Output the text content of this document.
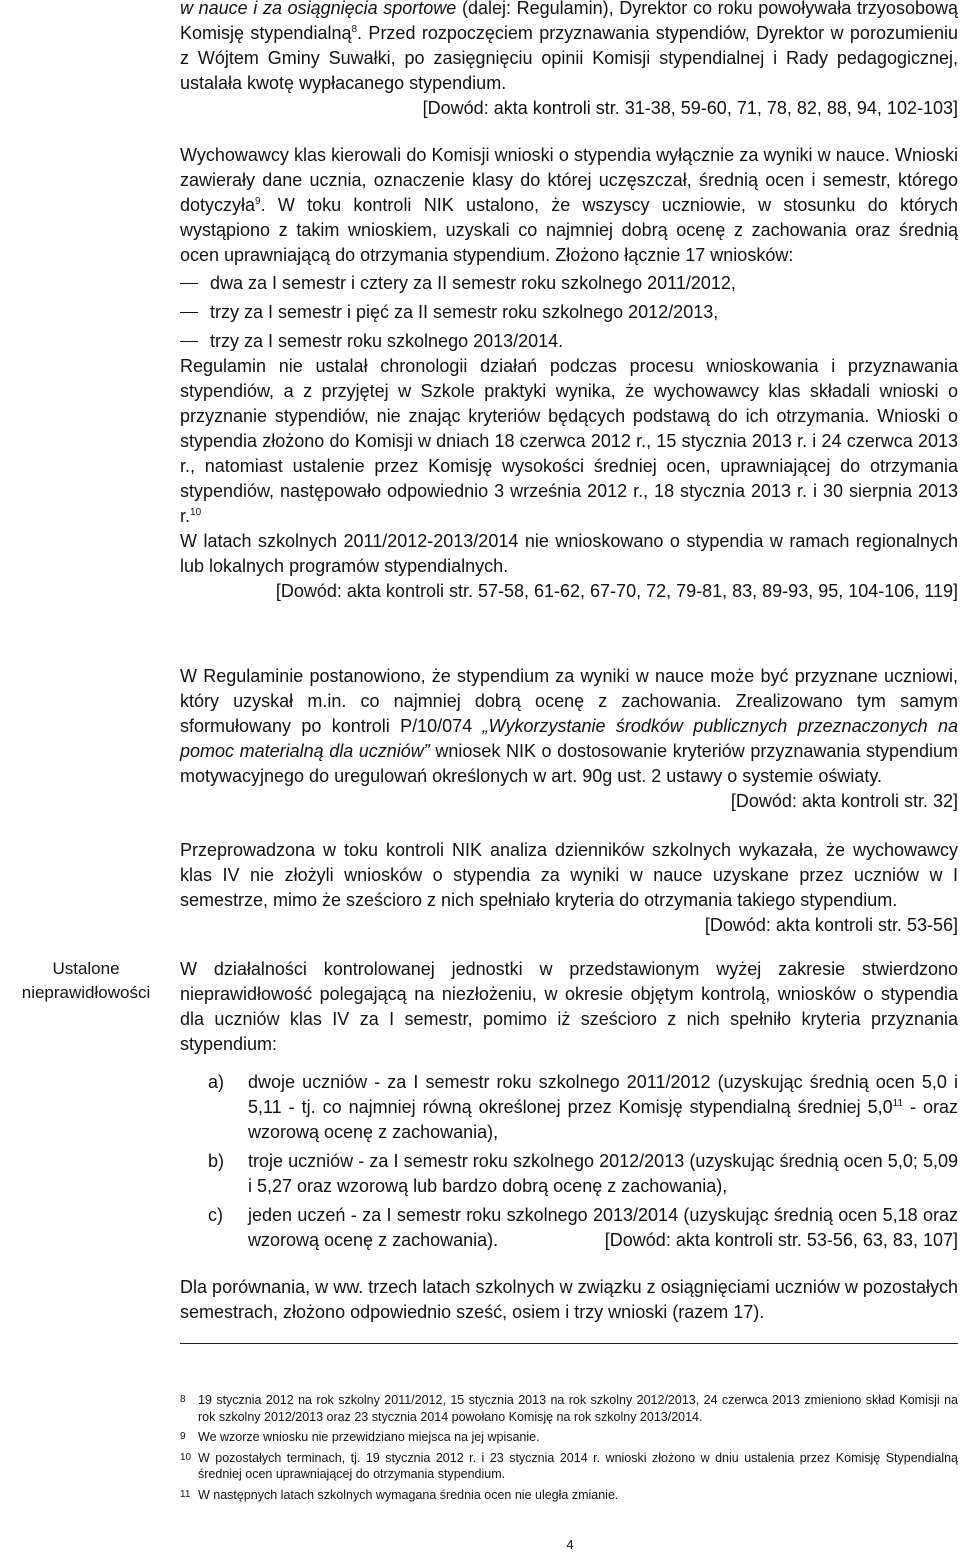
Ustalone
nieprawidłowości

w nauce i za osiągnięcia sportowe (dalej: Regulamin), Dyrektor co roku powoływała trzyosobową Komisję stypendialną$^8$. Przed rozpoczęciem przyznawania stypendiów, Dyrektor w porozumieniu z Wójtem Gminy Suwałki, po zasięgnięciu opinii Komisji stypendialnej i Rady pedagogicznej, ustalała kwotę wypłacanego stypendium.

[Dowód: akta kontroli str. 31-38, 59-60, 71, 78, 82, 88, 94, 102-103]

Wychowawcy klas kierowali do Komisji wnioski o stypendia wyłącznie za wyniki w nauce. Wnioski zawierały dane ucznia, oznaczenie klasy do której uczęszczał, średnią ocen i semestr, którego dotyczyła$^9$. W toku kontroli NIK ustalono, że wszyscy uczniowie, w stosunku do których wystąpiono z takim wnioskiem, uzyskali co najmniej dobrą ocenę z zachowania oraz średnią ocen uprawniającą do otrzymania stypendium. Złożono łącznie 17 wniosków:

dwa za I semestr i cztery za II semestr roku szkolnego 2011/2012,
trzy za I semestr i pięć za II semestr roku szkolnego 2012/2013,
trzy za I semestr roku szkolnego 2013/2014.

Regulamin nie ustalał chronologii działań podczas procesu wnioskowania i przyznawania stypendiów, a z przyjętej w Szkole praktyki wynika, że wychowawcy klas składali wnioski o przyznanie stypendiów, nie znając kryteriów będących podstawą do ich otrzymania. Wnioski o stypendia złożono do Komisji w dniach 18 czerwca 2012 r., 15 stycznia 2013 r. i 24 czerwca 2013 r., natomiast ustalenie przez Komisję wysokości średniej ocen, uprawniającej do otrzymania stypendiów, następowało odpowiednio 3 września 2012 r., 18 stycznia 2013 r. i 30 sierpnia 2013 r.$^{10}$

W latach szkolnych 2011/2012-2013/2014 nie wnioskowano o stypendia w ramach regionalnych lub lokalnych programów stypendialnych.

[Dowód: akta kontroli str. 57-58, 61-62, 67-70, 72, 79-81, 83, 89-93, 95, 104-106, 119]

W Regulaminie postanowiono, że stypendium za wyniki w nauce może być przyznane uczniowi, który uzyskał m.in. co najmniej dobrą ocenę z zachowania. Zrealizowano tym samym sformułowany po kontroli P/10/074 „Wykorzystanie środków publicznych przeznaczonych na pomoc materialną dla uczniów” wniosek NIK o dostosowanie kryteriów przyznawania stypendium motywacyjnego do uregulowań określonych w art. 90g ust. 2 ustawy o systemie oświaty.
[Dowód: akta kontroli str. 32]

Przeprowadzona w toku kontroli NIK analiza dzienników szkolnych wykazała, że wychowawcy klas IV nie złożyli wniosków o stypendia za wyniki w nauce uzyskane przez uczniów w I semestrze, mimo że sześcioro z nich spełniało kryteria do otrzymania takiego stypendium.
[Dowód: akta kontroli str. 53-56]

W działalności kontrolowanej jednostki w przedstawionym wyżej zakresie stwierdzono nieprawidłowość polegającą na niezłożeniu, w okresie objętym kontrolą, wniosków o stypendia dla uczniów klas IV za I semestr, pomimo iż sześcioro z nich spełniło kryteria przyznania stypendium:

a) dwoje uczniów - za I semestr roku szkolnego 2011/2012 (uzyskując średnią ocen 5,0 i 5,11 - tj. co najmniej równą określonej przez Komisję stypendialną średniej $5,0^{11}$ - oraz wzorową ocenę z zachowania),
b) troje uczniów - za I semestr roku szkolnego 2012/2013 (uzyskując średnią ocen 5,0; 5,09 i 5,27 oraz wzorową lub bardzo dobrą ocenę z zachowania),
c) jeden uczeń - za I semestr roku szkolnego 2013/2014 (uzyskując średnią ocen 5,18 oraz wzorową ocenę z zachowania).	[Dowód: akta kontroli str. 53-56, 63, 83, 107]

Dla porównania, w ww. trzech latach szkolnych w związku z osiągnięciami uczniów w pozostałych semestrach, złożono odpowiednio sześć, osiem i trzy wnioski (razem 17).

8 19 stycznia 2012 na rok szkolny 2011/2012, 15 stycznia 2013 na rok szkolny 2012/2013, 24 czerwca 2013 zmieniono skład Komisji na rok szkolny 2012/2013 oraz 23 stycznia 2014 powołano Komisję na rok szkolny 2013/2014.
9 We wzorze wniosku nie przewidziano miejsca na jej wpisanie.
10 W pozostałych terminach, tj. 19 stycznia 2012 r. i 23 stycznia 2014 r. wnioski złożono w dniu ustalenia przez Komisję Stypendialną średniej ocen uprawniającej do otrzymania stypendium.
11 W następnych latach szkolnych wymagana średnia ocen nie uległa zmianie.
4
